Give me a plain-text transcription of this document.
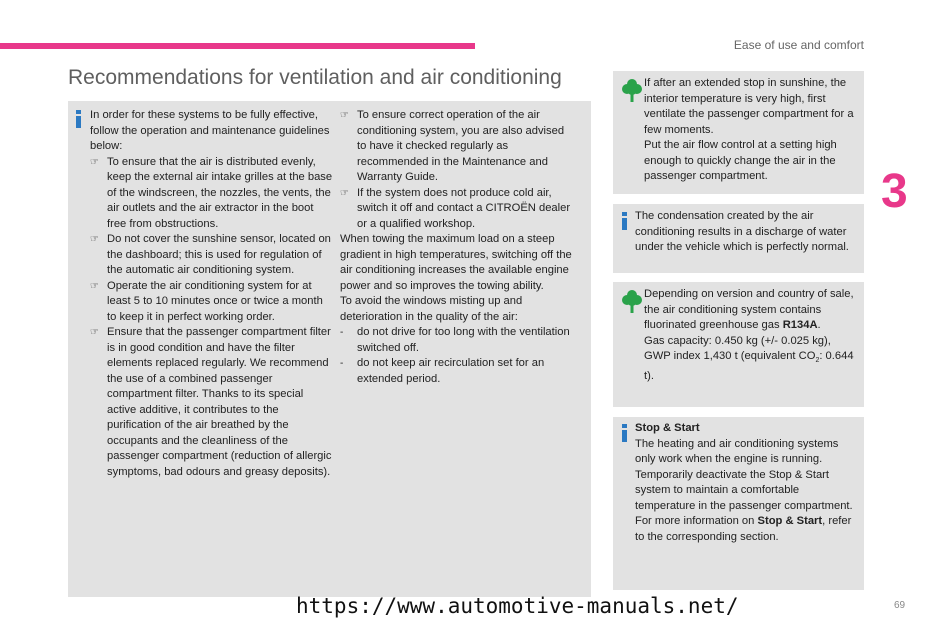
Ease of use and comfort
Recommendations for ventilation and air conditioning
3

In order for these systems to be fully effective, follow the operation and maintenance guidelines below:

☞ To ensure that the air is distributed evenly, keep the external air intake grilles at the base of the windscreen, the nozzles, the vents, the air outlets and the air extractor in the boot free from obstructions.
☞ Do not cover the sunshine sensor, located on the dashboard; this is used for regulation of the automatic air conditioning system.
☞ Operate the air conditioning system for at least 5 to 10 minutes once or twice a month to keep it in perfect working order.
☞ Ensure that the passenger compartment filter is in good condition and have the filter elements replaced regularly. We recommend the use of a combined passenger compartment filter. Thanks to its special active additive, it contributes to the purification of the air breathed by the occupants and the cleanliness of the passenger compartment (reduction of allergic symptoms, bad odours and greasy deposits).
☞ To ensure correct operation of the air conditioning system, you are also advised to have it checked regularly as recommended in the Maintenance and Warranty Guide.
☞ If the system does not produce cold air, switch it off and contact a CITROËN dealer or a qualified workshop.

When towing the maximum load on a steep gradient in high temperatures, switching off the air conditioning increases the available engine power and so improves the towing ability.

To avoid the windows misting up and deterioration in the quality of the air:

- do not drive for too long with the ventilation switched off.
- do not keep air recirculation set for an extended period.
If after an extended stop in sunshine, the interior temperature is very high, first ventilate the passenger compartment for a few moments.
Put the air flow control at a setting high enough to quickly change the air in the passenger compartment.
The condensation created by the air conditioning results in a discharge of water under the vehicle which is perfectly normal.
Depending on version and country of sale, the air conditioning system contains fluorinated greenhouse gas R134A.
Gas capacity: 0.450 kg (+/- 0.025 kg),
GWP index 1,430 t (equivalent $CO_2$: 0.644 t).
Stop & Start
The heating and air conditioning systems only work when the engine is running.
Temporarily deactivate the Stop & Start system to maintain a comfortable temperature in the passenger compartment.
For more information on Stop & Start, refer to the corresponding section.
https://www.automotive-manuals.net/	69
